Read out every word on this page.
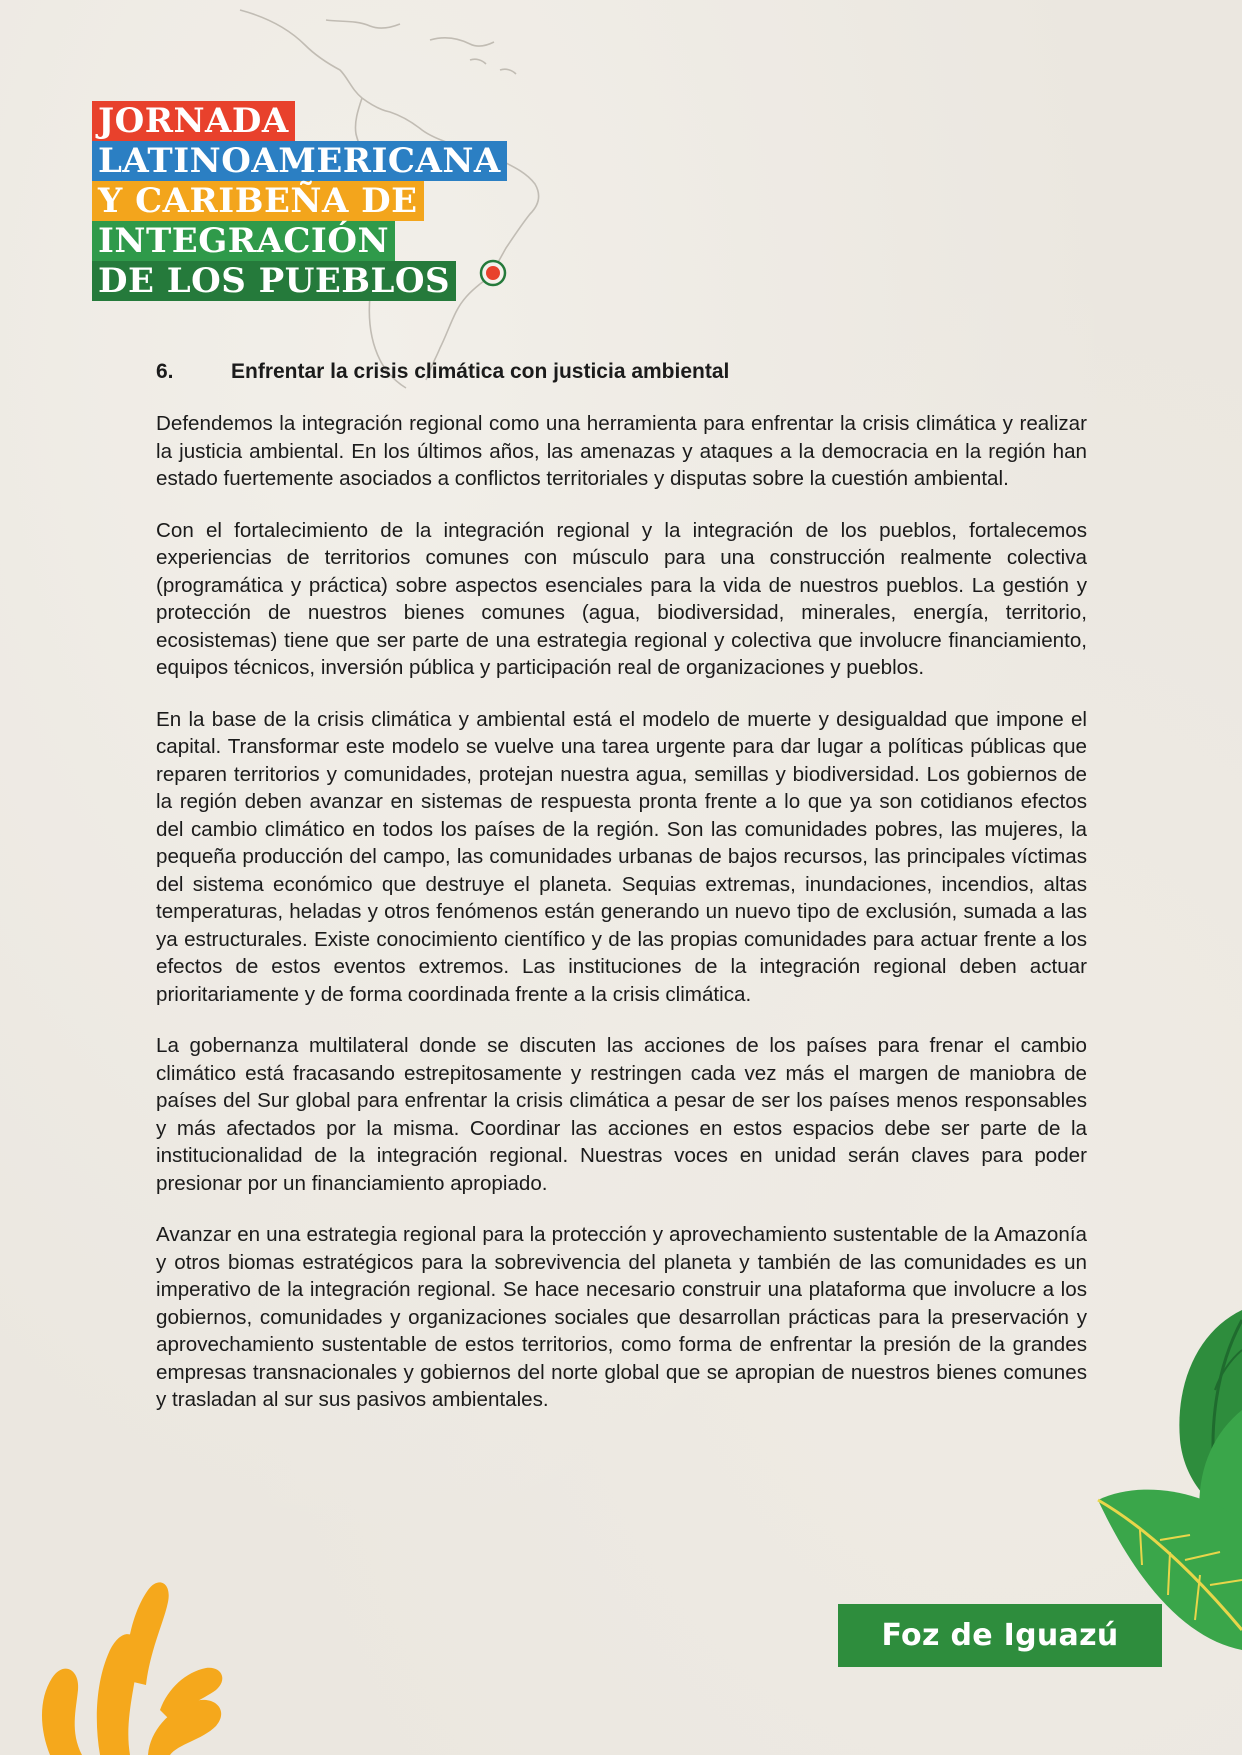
JORNADA
LATINOAMERICANA
Y CARIBEÑA DE
INTEGRACIÓN
DE LOS PUEBLOS
6.	Enfrentar la crisis climática con justicia ambiental

Defendemos la integración regional como una herramienta para enfrentar la crisis climática y realizar la justicia ambiental. En los últimos años, las amenazas y ataques a la democracia en la región han estado fuertemente asociados a conflictos territoriales y disputas sobre la cuestión ambiental.

Con el fortalecimiento de la integración regional y la integración de los pueblos, fortalecemos experiencias de territorios comunes con músculo para una construcción realmente colectiva (programática y práctica) sobre aspectos esenciales para la vida de nuestros pueblos. La gestión y protección de nuestros bienes comunes (agua, biodiversidad, minerales, energía, territorio, ecosistemas) tiene que ser parte de una estrategia regional y colectiva que involucre financiamiento, equipos técnicos, inversión pública y participación real de organizaciones y pueblos.

En la base de la crisis climática y ambiental está el modelo de muerte y desigualdad que impone el capital. Transformar este modelo se vuelve una tarea urgente para dar lugar a políticas públicas que reparen territorios y comunidades, protejan nuestra agua, semillas y biodiversidad. Los gobiernos de la región deben avanzar en sistemas de respuesta pronta frente a lo que ya son cotidianos efectos del cambio climático en todos los países de la región. Son las comunidades pobres, las mujeres, la pequeña producción del campo, las comunidades urbanas de bajos recursos, las principales víctimas del sistema económico que destruye el planeta. Sequias extremas, inundaciones, incendios, altas temperaturas, heladas y otros fenómenos están generando un nuevo tipo de exclusión, sumada a las ya estructurales. Existe conocimiento científico y de las propias comunidades para actuar frente a los efectos de estos eventos extremos. Las instituciones de la integración regional deben actuar prioritariamente y de forma coordinada frente a la crisis climática.

La gobernanza multilateral donde se discuten las acciones de los países para frenar el cambio climático está fracasando estrepitosamente y restringen cada vez más el margen de maniobra de países del Sur global para enfrentar la crisis climática a pesar de ser los países menos responsables y más afectados por la misma. Coordinar las acciones en estos espacios debe ser parte de la institucionalidad de la integración regional. Nuestras voces en unidad serán claves para poder presionar por un financiamiento apropiado.

Avanzar en una estrategia regional para la protección y aprovechamiento sustentable de la Amazonía y otros biomas estratégicos para la sobrevivencia del planeta y también de las comunidades es un imperativo de la integración regional. Se hace necesario construir una plataforma que involucre a los gobiernos, comunidades y organizaciones sociales que desarrollan prácticas para la preservación y aprovechamiento sustentable de estos territorios, como forma de enfrentar la presión de la grandes empresas transnacionales y gobiernos del norte global que se apropian de nuestros bienes comunes y trasladan al sur sus pasivos ambientales.

Foz de Iguazú
